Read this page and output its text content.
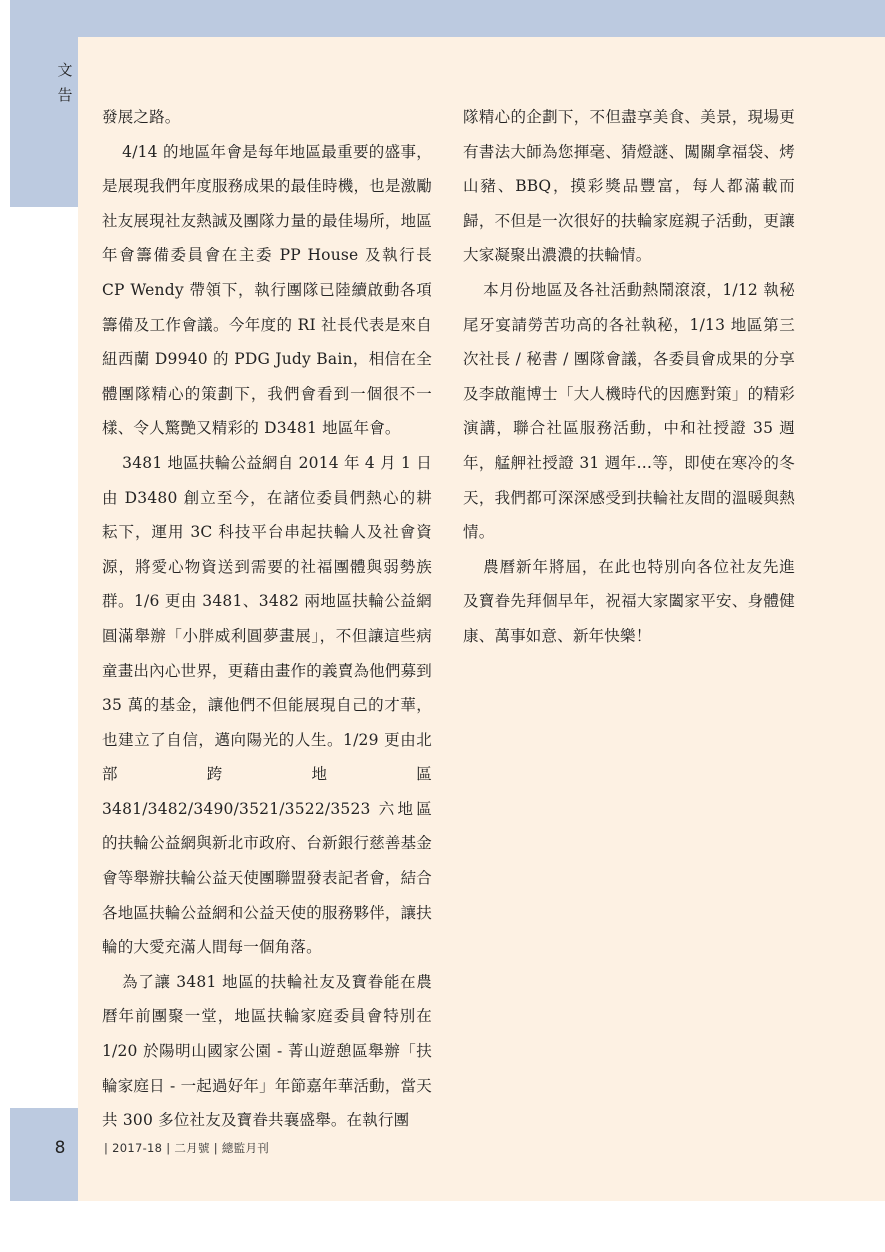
文
告

發展之路。

4/14 的地區年會是每年地區最重要的盛事，是展現我們年度服務成果的最佳時機，也是激勵社友展現社友熱誠及團隊力量的最佳場所，地區年會籌備委員會在主委 PP House 及執行長 CP Wendy 帶領下，執行團隊已陸續啟動各項籌備及工作會議。今年度的 RI 社長代表是來自紐西蘭 D9940 的 PDG Judy Bain，相信在全體團隊精心的策劃下，我們會看到一個很不一樣、令人驚艷又精彩的 D3481 地區年會。

3481 地區扶輪公益網自 2014 年 4 月 1 日由 D3480 創立至今，在諸位委員們熱心的耕耘下，運用 3C 科技平台串起扶輪人及社會資源，將愛心物資送到需要的社福團體與弱勢族群。1/6 更由 3481、3482 兩地區扶輪公益網圓滿舉辦「小胖威利圓夢畫展」，不但讓這些病童畫出內心世界，更藉由畫作的義賣為他們募到 35 萬的基金，讓他們不但能展現自己的才華，也建立了自信，邁向陽光的人生。1/29 更由北部跨地區 3481/3482/3490/3521/3522/3523 六地區的扶輪公益網與新北市政府、台新銀行慈善基金會等舉辦扶輪公益天使團聯盟發表記者會，結合各地區扶輪公益網和公益天使的服務夥伴，讓扶輪的大愛充滿人間每一個角落。

為了讓 3481 地區的扶輪社友及寶眷能在農曆年前團聚一堂，地區扶輪家庭委員會特別在 1/20 於陽明山國家公園 - 菁山遊憩區舉辦「扶輪家庭日 - 一起過好年」年節嘉年華活動，當天共 300 多位社友及寶眷共襄盛舉。在執行團

隊精心的企劃下，不但盡享美食、美景，現場更有書法大師為您揮毫、猜燈謎、闖關拿福袋、烤山豬、BBQ，摸彩獎品豐富，每人都滿載而歸，不但是一次很好的扶輪家庭親子活動，更讓大家凝聚出濃濃的扶輪情。

本月份地區及各社活動熱鬧滾滾，1/12 執秘尾牙宴請勞苦功高的各社執秘，1/13 地區第三次社長 / 秘書 / 團隊會議，各委員會成果的分享及李啟龍博士「大人機時代的因應對策」的精彩演講，聯合社區服務活動，中和社授證 35 週年，艋舺社授證 31 週年…等，即使在寒冷的冬天，我們都可深深感受到扶輪社友間的溫暖與熱情。

農曆新年將屆，在此也特別向各位社友先進及寶眷先拜個早年，祝福大家闔家平安、身體健康、萬事如意、新年快樂！

8	| 2017-18 | 二月號 | 總監月刊
